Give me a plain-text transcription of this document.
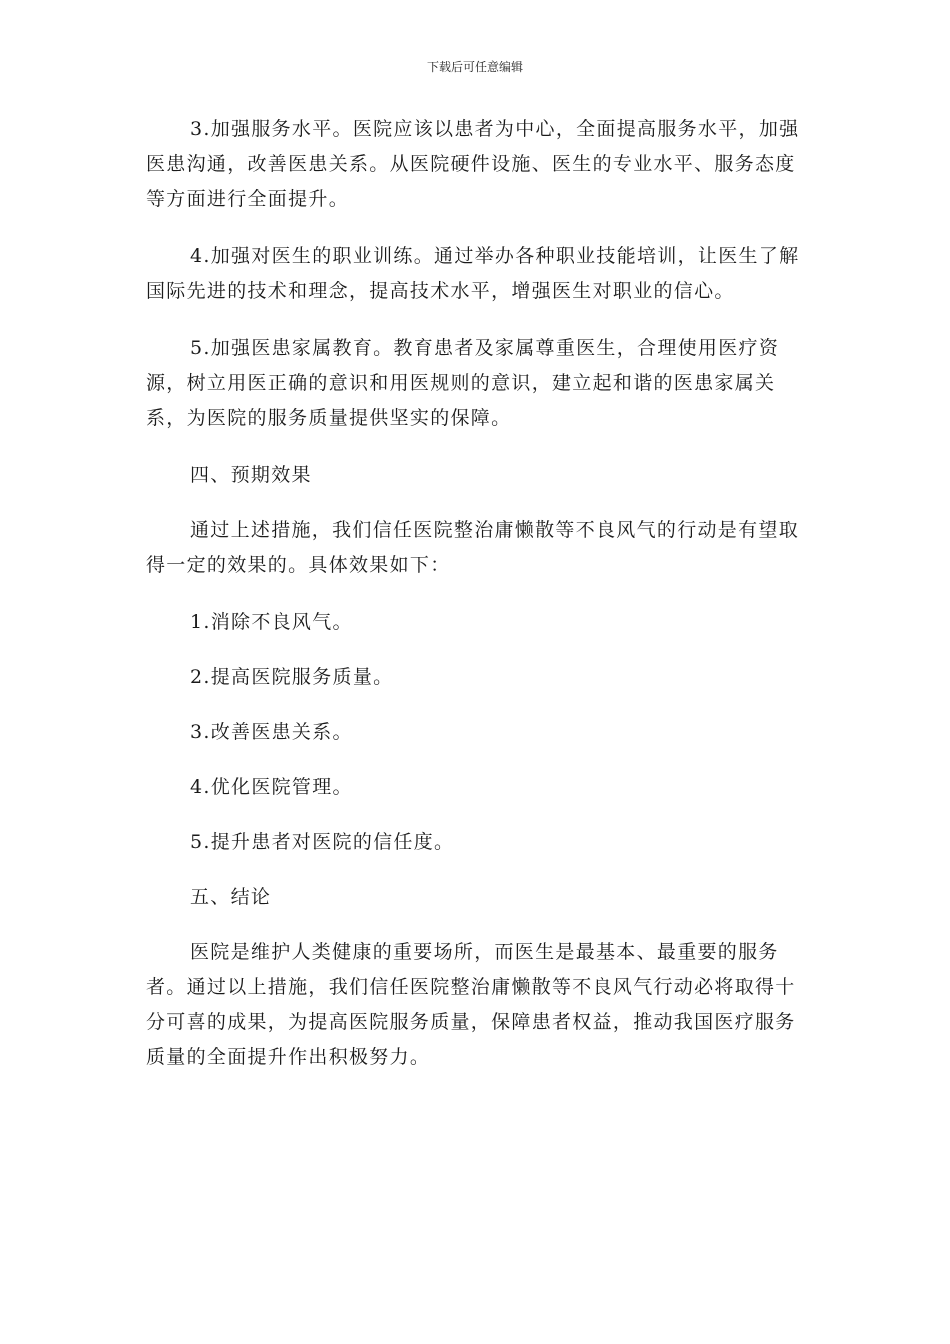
下载后可任意编辑

3.加强服务水平。医院应该以患者为中心，全面提高服务水平，加强医患沟通，改善医患关系。从医院硬件设施、医生的专业水平、服务态度等方面进行全面提升。

4.加强对医生的职业训练。通过举办各种职业技能培训，让医生了解国际先进的技术和理念，提高技术水平，增强医生对职业的信心。

5.加强医患家属教育。教育患者及家属尊重医生，合理使用医疗资源，树立用医正确的意识和用医规则的意识，建立起和谐的医患家属关系，为医院的服务质量提供坚实的保障。

四、预期效果

通过上述措施，我们信任医院整治庸懒散等不良风气的行动是有望取得一定的效果的。具体效果如下：

1.消除不良风气。

2.提高医院服务质量。

3.改善医患关系。

4.优化医院管理。

5.提升患者对医院的信任度。

五、结论

医院是维护人类健康的重要场所，而医生是最基本、最重要的服务者。通过以上措施，我们信任医院整治庸懒散等不良风气行动必将取得十分可喜的成果，为提高医院服务质量，保障患者权益，推动我国医疗服务质量的全面提升作出积极努力。
